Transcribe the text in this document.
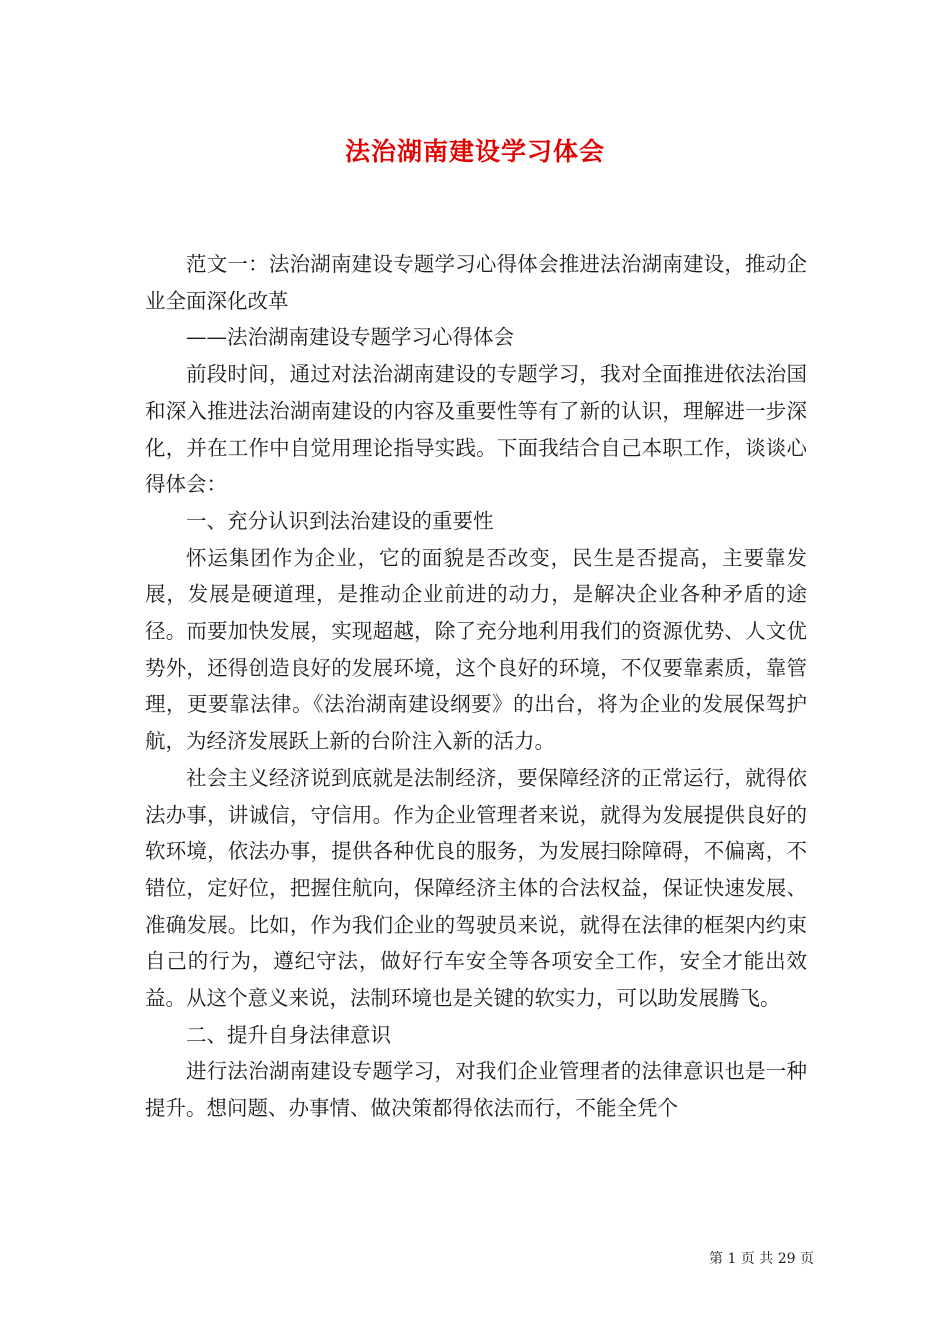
法治湖南建设学习体会

范文一：法治湖南建设专题学习心得体会推进法治湖南建设，推动企业全面深化改革

——法治湖南建设专题学习心得体会

前段时间，通过对法治湖南建设的专题学习，我对全面推进依法治国和深入推进法治湖南建设的内容及重要性等有了新的认识，理解进一步深化，并在工作中自觉用理论指导实践。下面我结合自己本职工作，谈谈心得体会：

一、充分认识到法治建设的重要性

怀运集团作为企业，它的面貌是否改变，民生是否提高，主要靠发展，发展是硬道理，是推动企业前进的动力，是解决企业各种矛盾的途径。而要加快发展，实现超越，除了充分地利用我们的资源优势、人文优势外，还得创造良好的发展环境，这个良好的环境，不仅要靠素质，靠管理，更要靠法律。《法治湖南建设纲要》的出台，将为企业的发展保驾护航，为经济发展跃上新的台阶注入新的活力。

社会主义经济说到底就是法制经济，要保障经济的正常运行，就得依法办事，讲诚信，守信用。作为企业管理者来说，就得为发展提供良好的软环境，依法办事，提供各种优良的服务，为发展扫除障碍，不偏离，不错位，定好位，把握住航向，保障经济主体的合法权益，保证快速发展、准确发展。比如，作为我们企业的驾驶员来说，就得在法律的框架内约束自己的行为，遵纪守法，做好行车安全等各项安全工作，安全才能出效益。从这个意义来说，法制环境也是关键的软实力，可以助发展腾飞。

二、提升自身法律意识

进行法治湖南建设专题学习，对我们企业管理者的法律意识也是一种提升。想问题、办事情、做决策都得依法而行，不能全凭个

第 1 页 共 29 页
